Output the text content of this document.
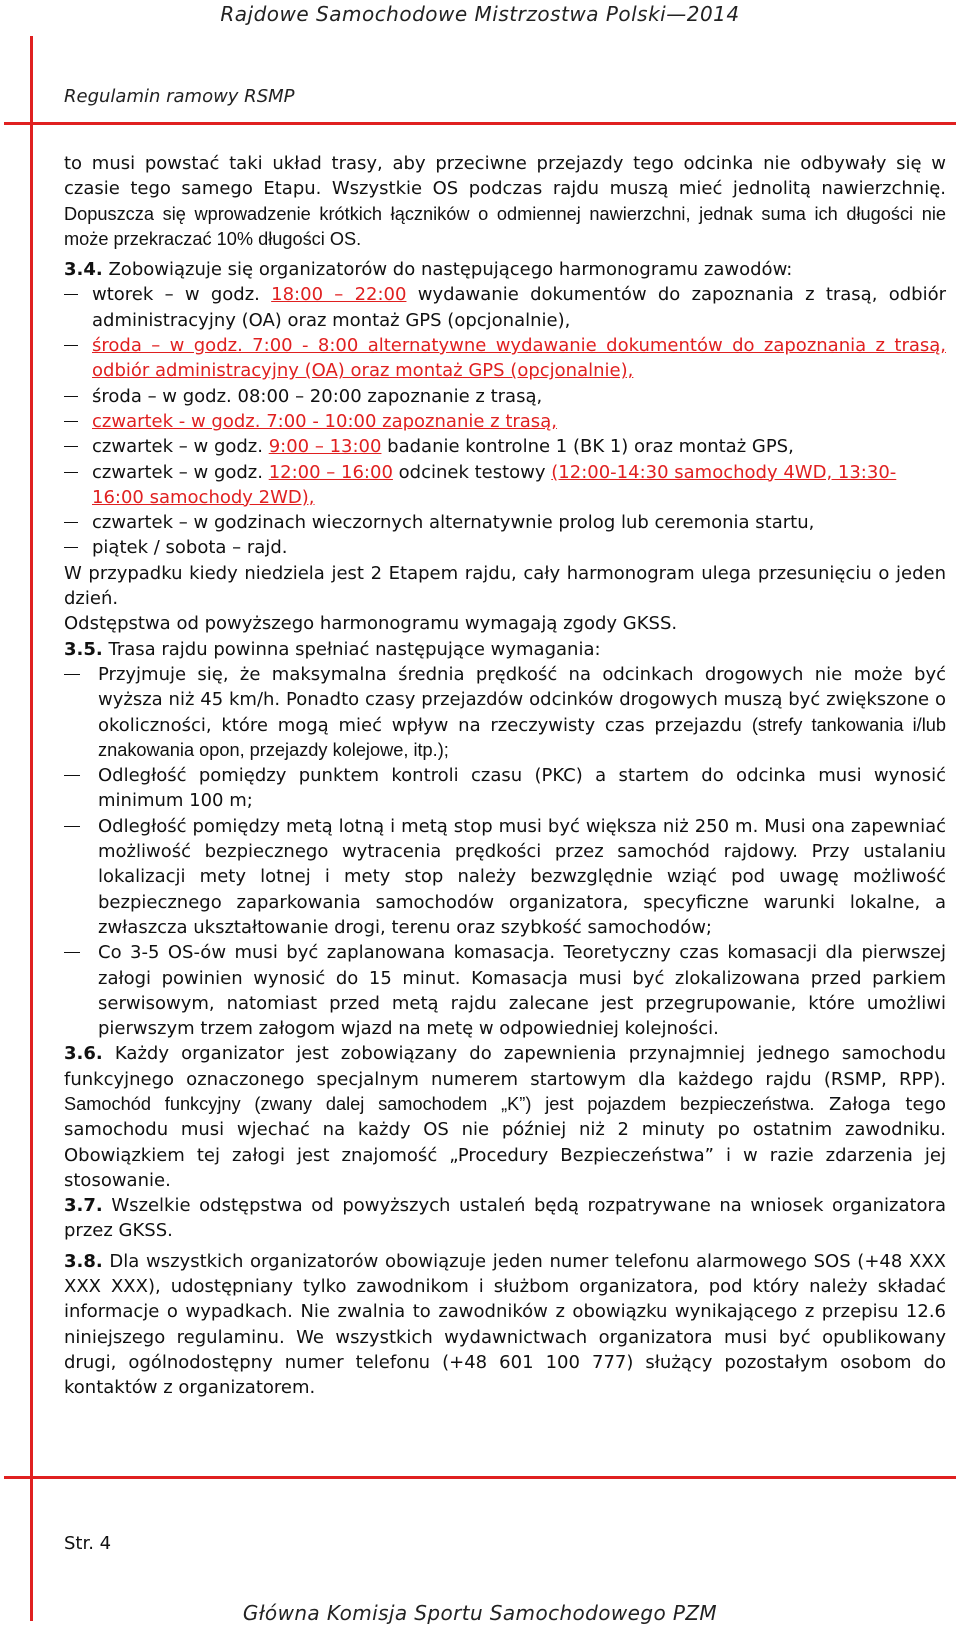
Rajdowe Samochodowe Mistrzostwa Polski—2014
Regulamin ramowy RSMP

to musi powstać taki układ trasy, aby przeciwne przejazdy tego odcinka nie odbywały się w czasie tego samego Etapu. Wszystkie OS podczas rajdu muszą mieć jednolitą nawierzchnię. Dopuszcza się wprowadzenie krótkich łączników o odmiennej nawierzchni, jednak suma ich długości nie może przekraczać 10% długości OS.

3.4. Zobowiązuje się organizatorów do następującego harmonogramu zawodów:

wtorek – w godz. 18:00 – 22:00 wydawanie dokumentów do zapoznania z trasą, odbiór administracyjny (OA) oraz montaż GPS (opcjonalnie),

środa – w godz. 7:00 - 8:00 alternatywne wydawanie dokumentów do zapoznania z trasą, odbiór administracyjny (OA) oraz montaż GPS (opcjonalnie),

środa – w godz. 08:00 – 20:00 zapoznanie z trasą,

czwartek - w godz. 7:00 - 10:00 zapoznanie z trasą,

czwartek – w godz. 9:00 – 13:00 badanie kontrolne 1 (BK 1) oraz montaż GPS,

czwartek – w godz. 12:00 – 16:00 odcinek testowy (12:00-14:30 samochody 4WD, 13:30-16:00 samochody 2WD),

czwartek – w godzinach wieczornych alternatywnie prolog lub ceremonia startu,

piątek / sobota – rajd.

W przypadku kiedy niedziela jest 2 Etapem rajdu, cały harmonogram ulega przesunięciu o jeden dzień.

Odstępstwa od powyższego harmonogramu wymagają zgody GKSS.

3.5. Trasa rajdu powinna spełniać następujące wymagania:

Przyjmuje się, że maksymalna średnia prędkość na odcinkach drogowych nie może być wyższa niż 45 km/h. Ponadto czasy przejazdów odcinków drogowych muszą być zwiększone o okoliczności, które mogą mieć wpływ na rzeczywisty czas przejazdu (strefy tankowania i/lub znakowania opon, przejazdy kolejowe, itp.);

Odległość pomiędzy punktem kontroli czasu (PKC) a startem do odcinka musi wynosić minimum 100 m;

Odległość pomiędzy metą lotną i metą stop musi być większa niż 250 m. Musi ona zapewniać możliwość bezpiecznego wytracenia prędkości przez samochód rajdowy. Przy ustalaniu lokalizacji mety lotnej i mety stop należy bezwzględnie wziąć pod uwagę możliwość bezpiecznego zaparkowania samochodów organizatora, specyficzne warunki lokalne, a zwłaszcza ukształtowanie drogi, terenu oraz szybkość samochodów;

Co 3-5 OS-ów musi być zaplanowana komasacja. Teoretyczny czas komasacji dla pierwszej załogi powinien wynosić do 15 minut. Komasacja musi być zlokalizowana przed parkiem serwisowym, natomiast przed metą rajdu zalecane jest przegrupowanie, które umożliwi pierwszym trzem załogom wjazd na metę w odpowiedniej kolejności.

3.6. Każdy organizator jest zobowiązany do zapewnienia przynajmniej jednego samochodu funkcyjnego oznaczonego specjalnym numerem startowym dla każdego rajdu (RSMP, RPP). Samochód funkcyjny (zwany dalej samochodem „K”) jest pojazdem bezpieczeństwa. Załoga tego samochodu musi wjechać na każdy OS nie później niż 2 minuty po ostatnim zawodniku. Obowiązkiem tej załogi jest znajomość „Procedury Bezpieczeństwa” i w razie zdarzenia jej stosowanie.

3.7. Wszelkie odstępstwa od powyższych ustaleń będą rozpatrywane na wniosek organizatora przez GKSS.

3.8. Dla wszystkich organizatorów obowiązuje jeden numer telefonu alarmowego SOS (+48 XXX XXX XXX), udostępniany tylko zawodnikom i służbom organizatora, pod który należy składać informacje o wypadkach. Nie zwalnia to zawodników z obowiązku wynikającego z przepisu 12.6 niniejszego regulaminu. We wszystkich wydawnictwach organizatora musi być opublikowany drugi, ogólnodostępny numer telefonu (+48 601 100 777) służący pozostałym osobom do kontaktów z organizatorem.

Str. 4
Główna Komisja Sportu Samochodowego PZM
